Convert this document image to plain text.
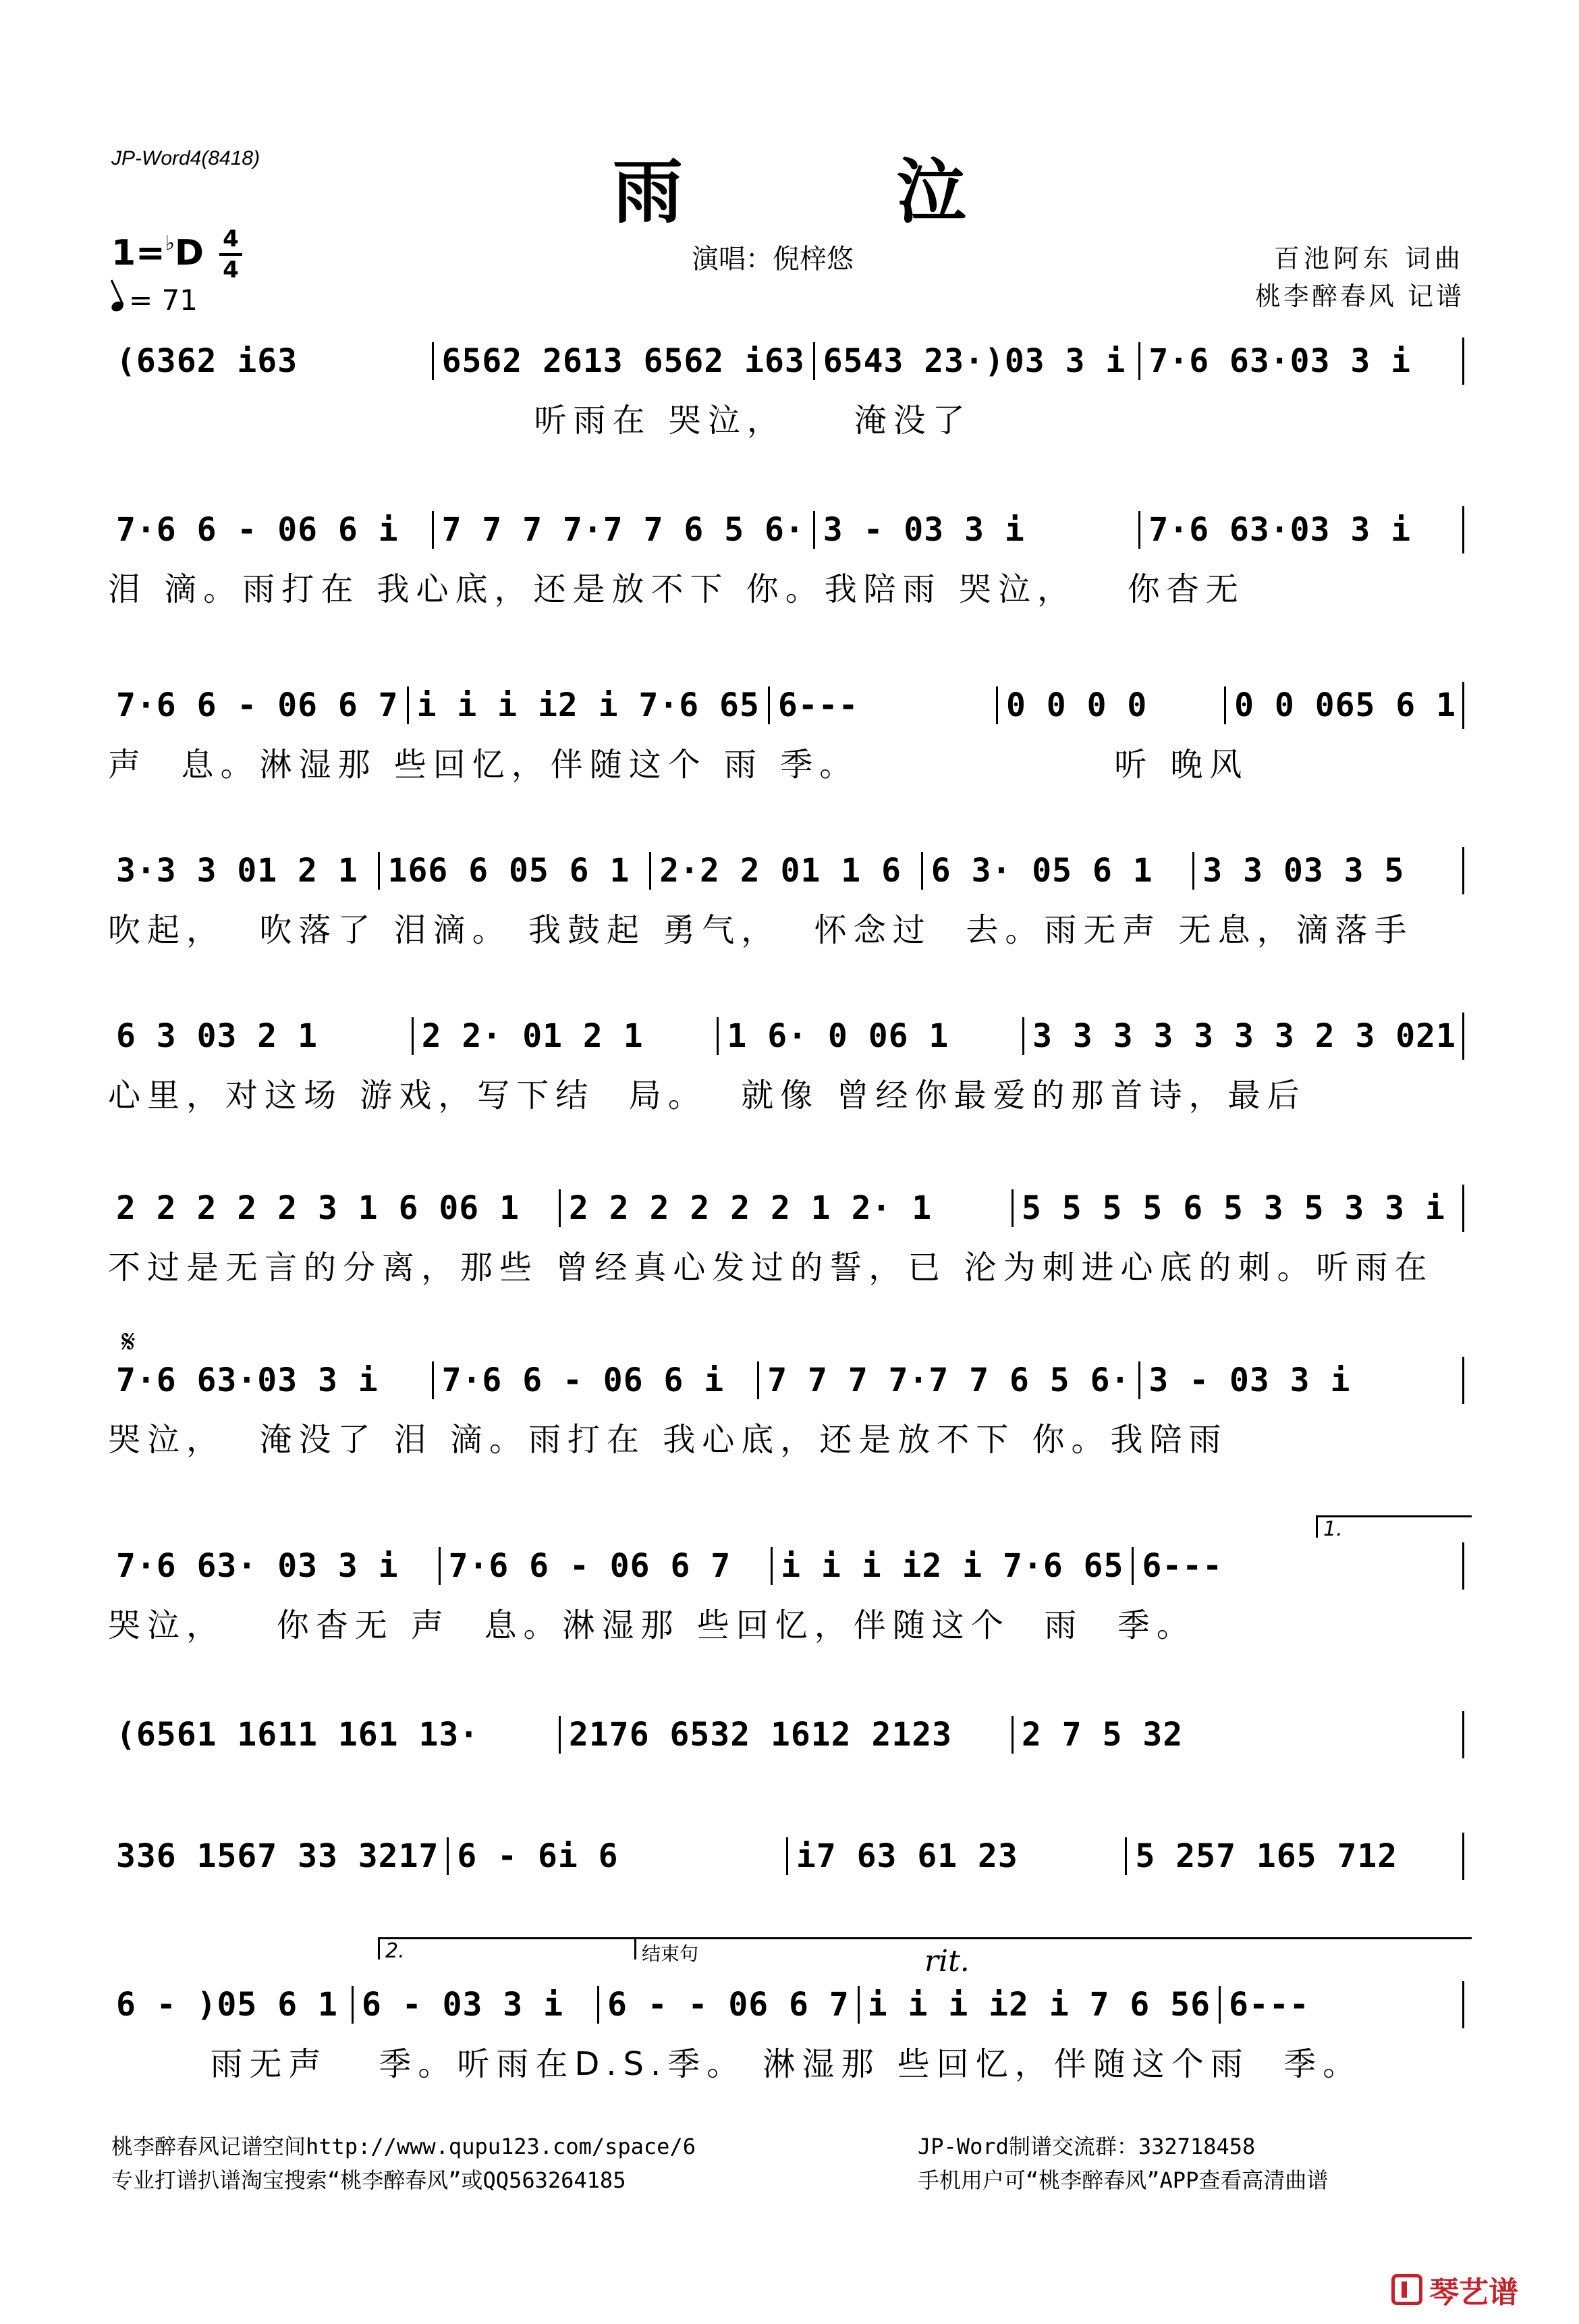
JP-Word4(8418)	雨 泣
1=♭D 4
4
= 71
演唱：倪梓悠	百池阿东 词曲
桃李醉春风 记谱
(6362 i63	6562 2613 6562 i63 6543 23·)03 3 i 7·6 63·03 3 i
听雨在 哭泣，    淹没了
7·6 6 - 06 6 i 7 7 7 7·7 7 6 5 6· 3 - 03 3 i	7·6 63·03 3 i
泪 滴。雨打在 我心底，还是放不下 你。我陪雨 哭泣，   你杳无
7·6 6 - 06 6 7 i i i i2 i 7·6 65 6---	0 0 0 0	0 0 065 6 1
声  息。淋湿那 些回忆，伴随这个 雨 季。               听 晚风
3·3 3 01 2 1 166 6 05 6 1 2·2 2 01 1 6 6 3· 05 6 1 3 3 03 3 5
吹起，  吹落了 泪滴。 我鼓起 勇气，  怀念过  去。雨无声 无息，滴落手
6 3 03 2 1	2 2· 01 2 1	1 6· 0 06 1	3 3 3 3 3 3 3 2 3 021
心里，对这场 游戏，写下结  局。  就像 曾经你最爱的那首诗，最后
2 2 2 2 2 3 1 6 06 1 2 2 2 2 2 2 1 2· 1	5 5 5 5 6 5 3 5 3 3 i
不过是无言的分离，那些 曾经真心发过的誓，已 沦为刺进心底的刺。听雨在
7·6 63·03 3 i 7·6 6 - 06 6 i 7 7 7 7·7 7 6 5 6· 3 - 03 3 i
哭泣，  淹没了 泪 滴。雨打在 我心底，还是放不下 你。我陪雨
7·6 63· 03 3 i 7·6 6 - 06 6 7 i i i i2 i 7·6 65 6---
哭泣，   你杳无 声  息。淋湿那 些回忆，伴随这个  雨  季。
(6561 1611 161 13·	2176 6532 1612 2123 2 7 5 32
336 1567 33 3217 6 - 6i 6	i7 63 61 23	5 257 165 712
6 - )05 6 1 6 - 03 3 i 6 - - 06 6 7 i i i i2 i 7 6 56 6---
雨无声   季。听雨在D.S.季。 淋湿那 些回忆，伴随这个雨  季。
𝄋
1.
2.	结束句	rit.
桃李醉春风记谱空间http://www.qupu123.com/space/6
专业打谱扒谱淘宝搜索“桃李醉春风”或QQ563264185
JP-Word制谱交流群：332718458
手机用户可“桃李醉春风”APP查看高清曲谱
琴艺谱
